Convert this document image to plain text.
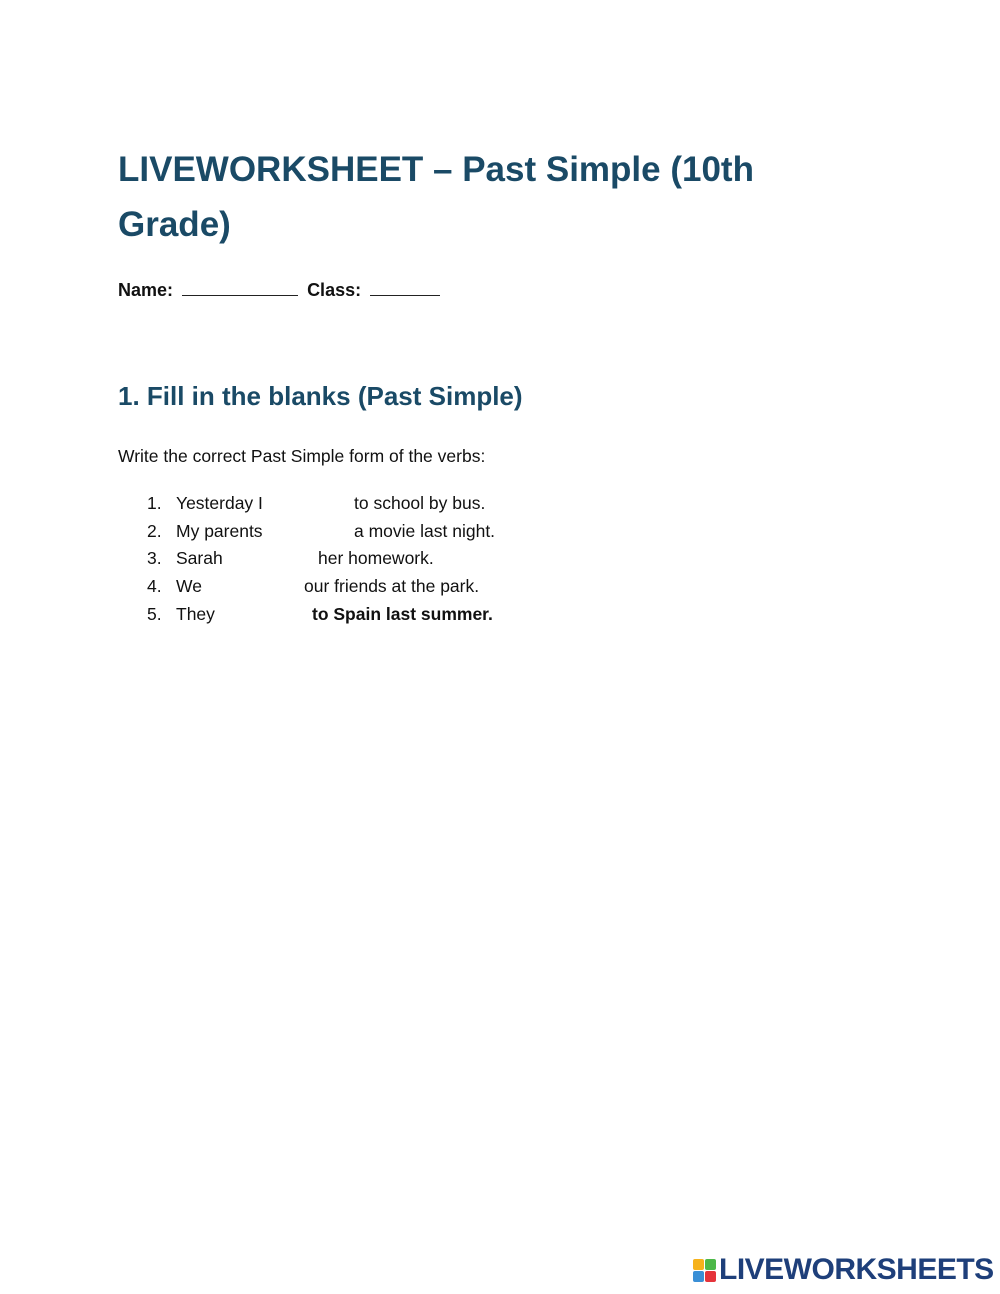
LIVEWORKSHEET – Past Simple (10th Grade)
Name:	Class:
1. Fill in the blanks (Past Simple)
Write the correct Past Simple form of the verbs:
1. Yesterday I	to school by bus.
2. My parents	a movie last night.
3. Sarah	her homework.
4. We	our friends at the park.
5. They	to Spain last summer.
LIVEWORKSHEETS
